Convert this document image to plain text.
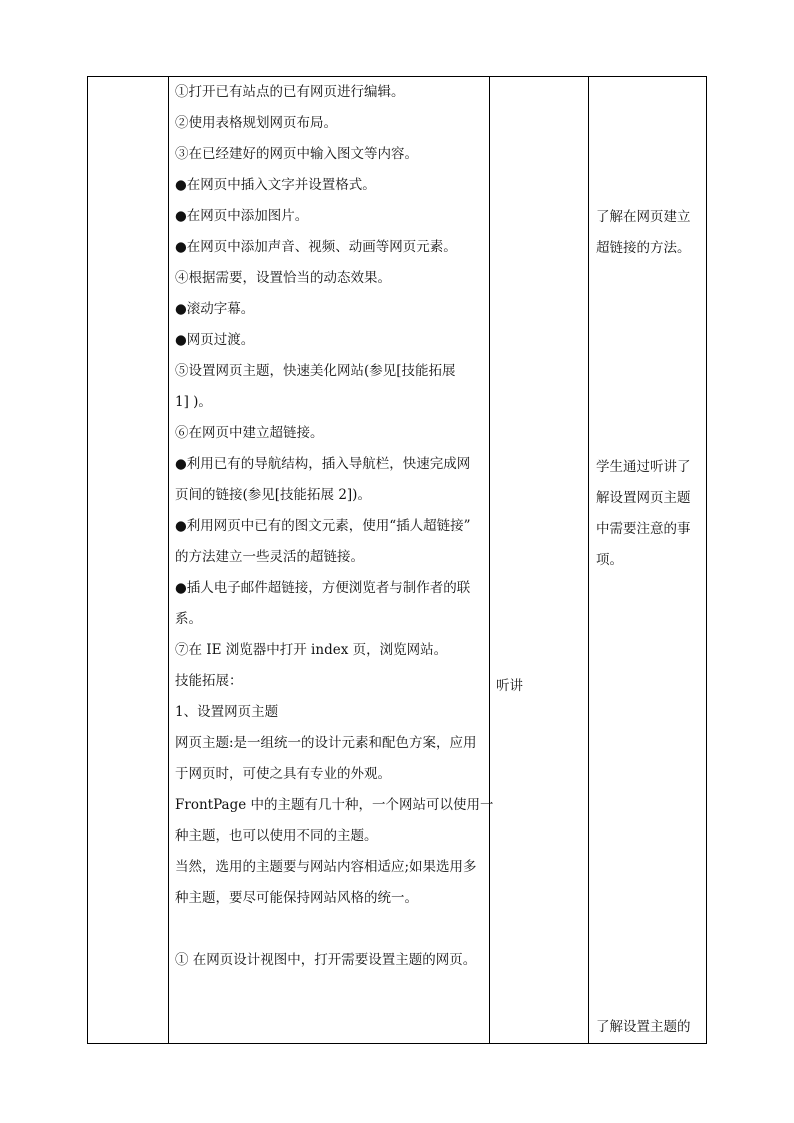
①打开已有站点的已有网页进行编辑。
②使用表格规划网页布局。
③在已经建好的网页中输入图文等内容。
●在网页中插入文字并设置格式。
●在网页中添加图片。
●在网页中添加声音、视频、动画等网页元素。
④根据需要，设置恰当的动态效果。
●滚动字幕。
●网页过渡。
⑤设置网页主题，快速美化网站(参见[技能拓展
1] )。
⑥在网页中建立超链接。
●利用已有的导航结构，插入导航栏，快速完成网
页间的链接(参见[技能拓展 2])。
●利用网页中已有的图文元素，使用“插人超链接”
的方法建立一些灵活的超链接。
●插人电子邮件超链接，方便浏览者与制作者的联
系。
⑦在 IE 浏览器中打开 index 页，浏览网站。
技能拓展：
1、设置网页主题
网页主题:是一组统一的设计元素和配色方案，应用
于网页时，可使之具有专业的外观。
FrontPage 中的主题有几十种，一个网站可以使用一
种主题，也可以使用不同的主题。
当然，选用的主题要与网站内容相适应;如果选用多
种主题，要尽可能保持网站风格的统一。
① 在网页设计视图中，打开需要设置主题的网页。
听讲
了解在网页建立
超链接的方法。
学生通过听讲了
解设置网页主题
中需要注意的事
项。
了解设置主题的
